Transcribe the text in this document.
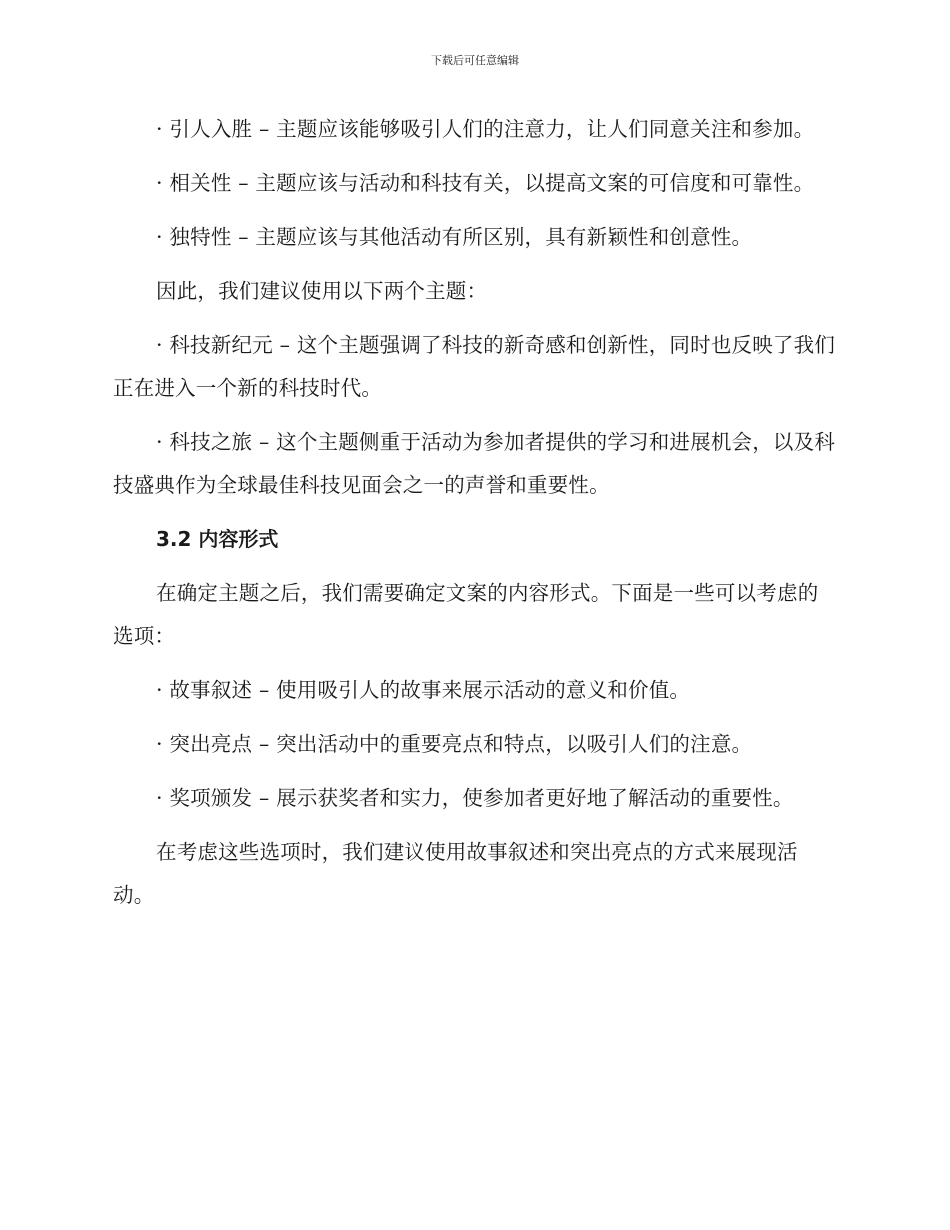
下载后可任意编辑

· 引人入胜 – 主题应该能够吸引人们的注意力，让人们同意关注和参加。

· 相关性 – 主题应该与活动和科技有关，以提高文案的可信度和可靠性。

· 独特性 – 主题应该与其他活动有所区别，具有新颖性和创意性。

因此，我们建议使用以下两个主题：

· 科技新纪元 – 这个主题强调了科技的新奇感和创新性，同时也反映了我们正在进入一个新的科技时代。

· 科技之旅 – 这个主题侧重于活动为参加者提供的学习和进展机会，以及科技盛典作为全球最佳科技见面会之一的声誉和重要性。

3.2 内容形式

在确定主题之后，我们需要确定文案的内容形式。下面是一些可以考虑的选项：

· 故事叙述 – 使用吸引人的故事来展示活动的意义和价值。

· 突出亮点 – 突出活动中的重要亮点和特点，以吸引人们的注意。

· 奖项颁发 – 展示获奖者和实力，使参加者更好地了解活动的重要性。

在考虑这些选项时，我们建议使用故事叙述和突出亮点的方式来展现活动。
